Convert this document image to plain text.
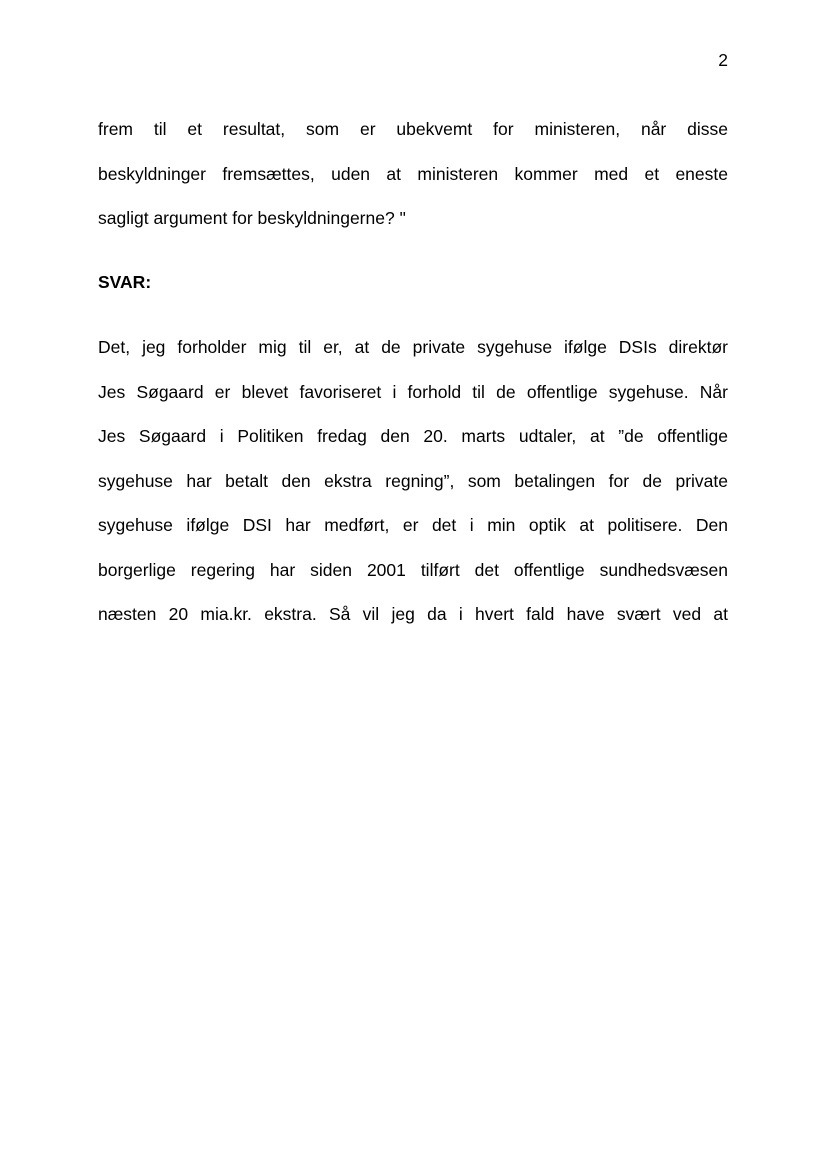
2
frem til et resultat, som er ubekvemt for ministeren, når disse
beskyldninger fremsættes, uden at ministeren kommer med et eneste
sagligt argument for beskyldningerne? "
SVAR:
Det, jeg forholder mig til er, at de private sygehuse ifølge DSIs direktør
Jes Søgaard er blevet favoriseret i forhold til de offentlige sygehuse. Når
Jes Søgaard i Politiken fredag den 20. marts udtaler, at ”de offentlige
sygehuse har betalt den ekstra regning”, som betalingen for de private
sygehuse ifølge DSI har medført, er det i min optik at politisere. Den
borgerlige regering har siden 2001 tilført det offentlige sundhedsvæsen
næsten 20 mia.kr. ekstra. Så vil jeg da i hvert fald have svært ved at
